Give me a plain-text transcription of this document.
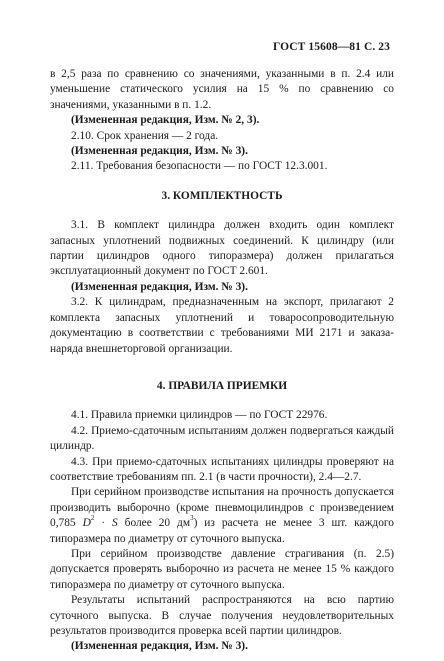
ГОСТ 15608—81 С. 23

в 2,5 раза по сравнению со значениями, указанными в п. 2.4 или уменьшение статического усилия на 15 % по сравнению со значениями, указанными в п. 1.2.

(Измененная редакция, Изм. № 2, 3).

2.10. Срок хранения — 2 года.

(Измененная редакция, Изм. № 3).

2.11. Требования безопасности — по ГОСТ 12.3.001.

3. КОМПЛЕКТНОСТЬ

3.1. В комплект цилиндра должен входить один комплект запасных уплотнений подвижных соединений. К цилиндру (или партии цилиндров одного типоразмера) должен прилагаться эксплуатационный документ по ГОСТ 2.601.

(Измененная редакция, Изм. № 3).

3.2. К цилиндрам, предназначенным на экспорт, прилагают 2 комплекта запасных уплотнений и товаросопроводительную документацию в соответствии с требованиями МИ 2171 и заказа-наряда внешнеторговой организации.

4. ПРАВИЛА ПРИЕМКИ

4.1. Правила приемки цилиндров — по ГОСТ 22976.

4.2. Приемо-сдаточным испытаниям должен подвергаться каждый цилиндр.

4.3. При приемо-сдаточных испытаниях цилиндры проверяют на соответствие требованиям пп. 2.1 (в части прочности), 2.4—2.7.

При серийном производстве испытания на прочность допускается производить выборочно (кроме пневмоцилиндров с произведением 0,785 $D^2 \cdot S$ более 20 $дм^3$) из расчета не менее 3 шт. каждого типоразмера по диаметру от суточного выпуска.

При серийном производстве давление страгивания (п. 2.5) допускается проверять выборочно из расчета не менее 15 % каждого типоразмера по диаметру от суточного выпуска.

Результаты испытаний распространяются на всю партию суточного выпуска. В случае получения неудовлетворительных результатов производится проверка всей партии цилиндров.

(Измененная редакция, Изм. № 3).
